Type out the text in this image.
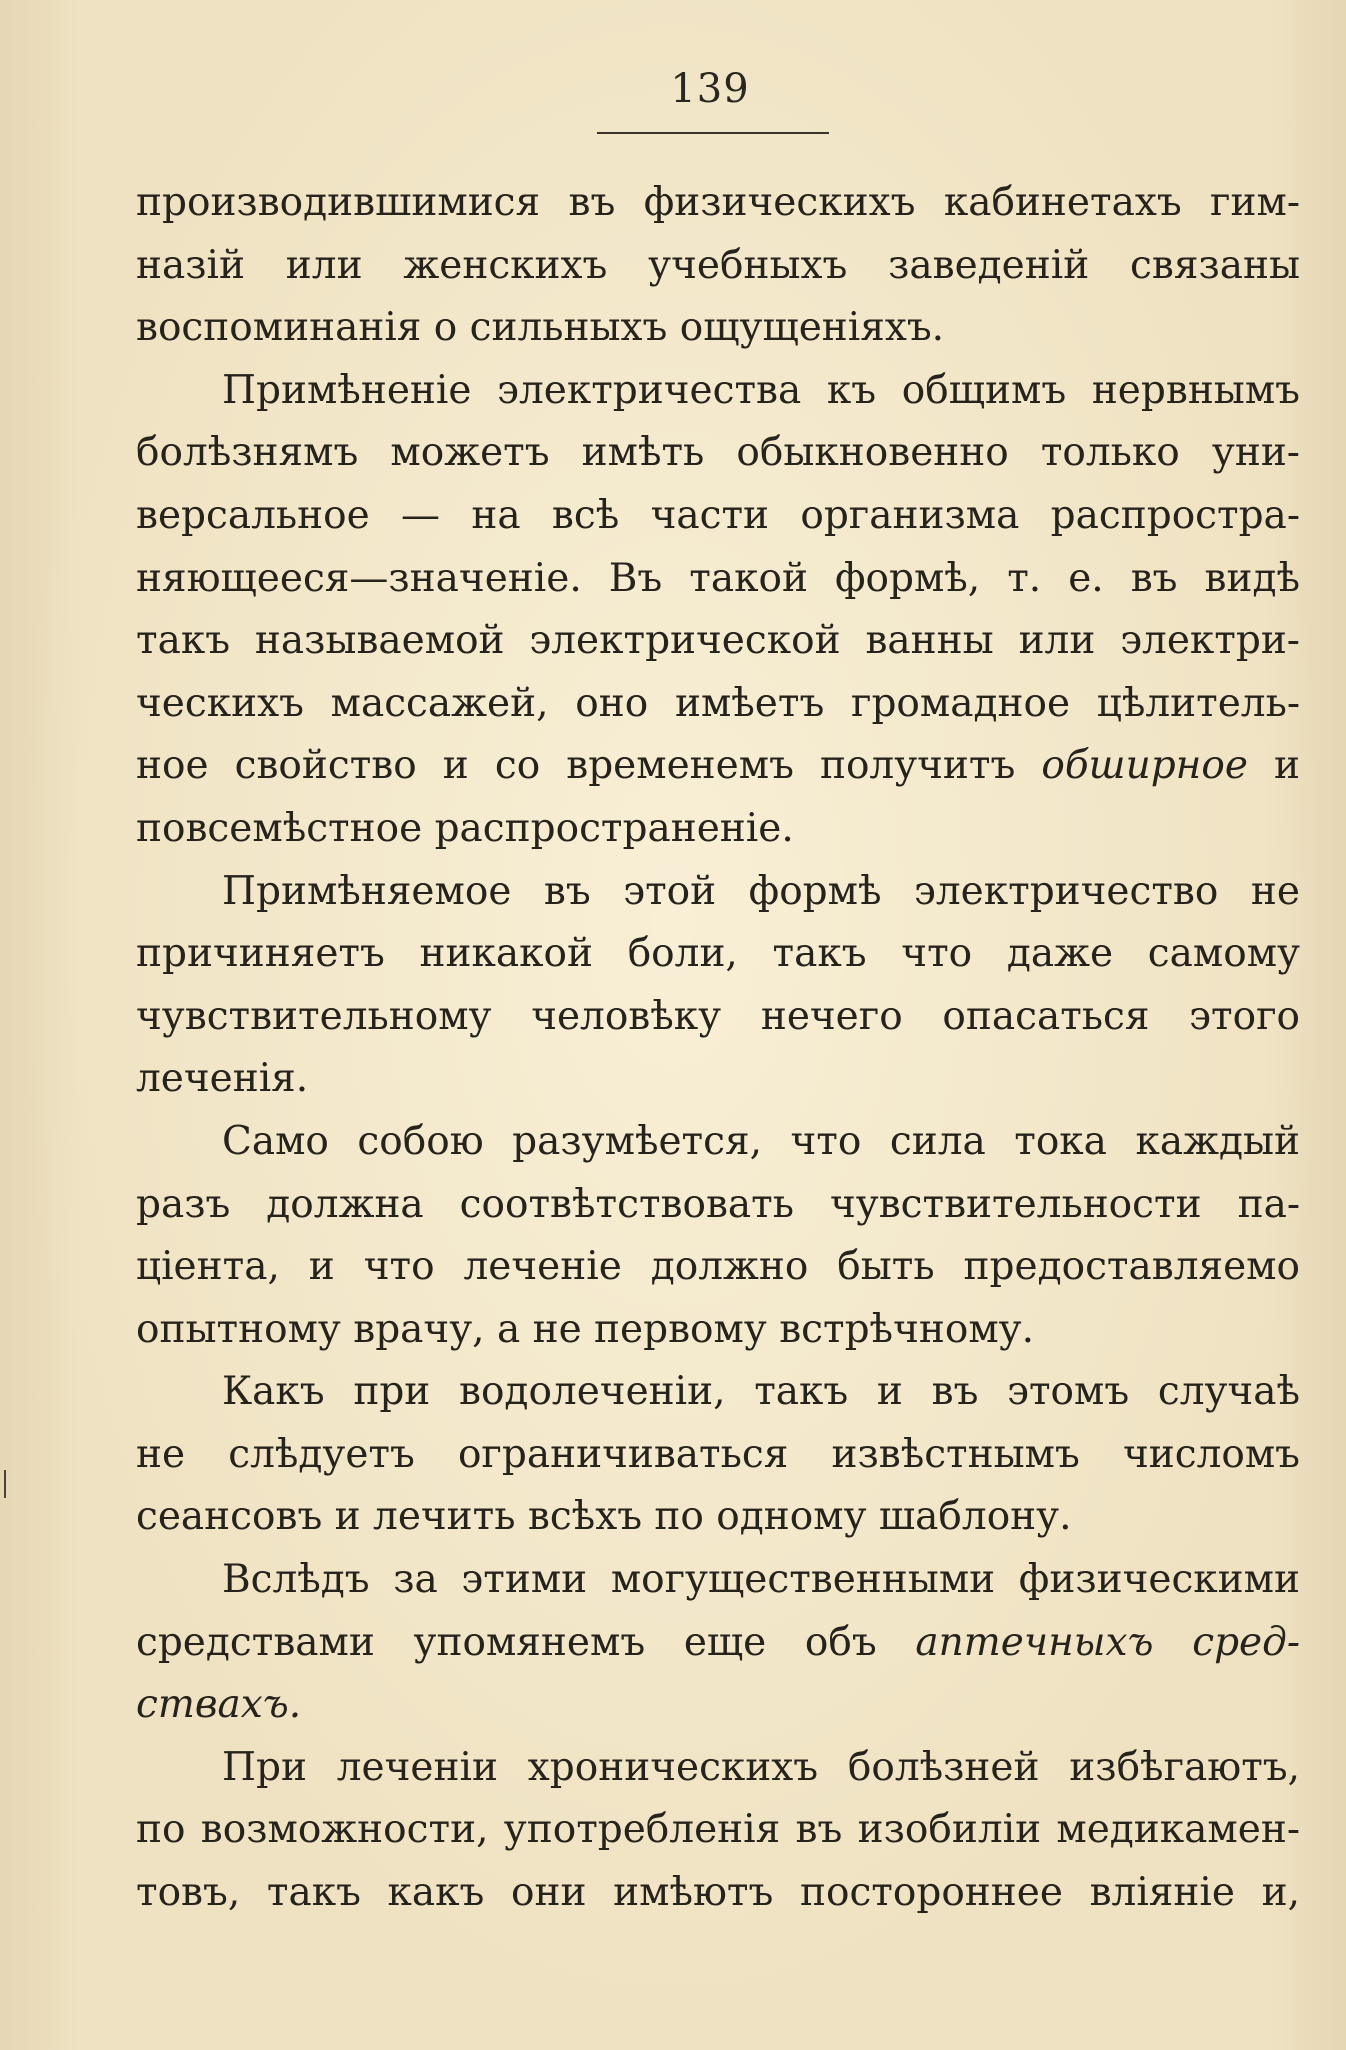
139
производившимися въ физическихъ кабинетахъ гим-
назій или женскихъ учебныхъ заведеній связаны
воспоминанія о сильныхъ ощущеніяхъ.
Примѣненіе электричества къ общимъ нервнымъ
болѣзнямъ можетъ имѣть обыкновенно только уни-
версальное — на всѣ части организма распростра-
няющееся—значеніе. Въ такой формѣ, т. е. въ видѣ
такъ называемой электрической ванны или электри-
ческихъ массажей, оно имѣетъ громадное цѣлитель-
ное свойство и со временемъ получитъ обширное и
повсемѣстное распространеніе.
Примѣняемое въ этой формѣ электричество не
причиняетъ никакой боли, такъ что даже самому
чувствительному человѣку нечего опасаться этого
леченія.
Само собою разумѣется, что сила тока каждый
разъ должна соотвѣтствовать чувствительности па-
ціента, и что леченіе должно быть предоставляемо
опытному врачу, а не первому встрѣчному.
Какъ при водолеченіи, такъ и въ этомъ случаѣ
не слѣдуетъ ограничиваться извѣстнымъ числомъ
сеансовъ и лечить всѣхъ по одному шаблону.
Вслѣдъ за этими могущественными физическими
средствами упомянемъ еще объ аптечныхъ сред-
ствахъ.
При леченіи хроническихъ болѣзней избѣгаютъ,
по возможности, употребленія въ изобиліи медикамен-
товъ, такъ какъ они имѣютъ постороннее вліяніе и,
